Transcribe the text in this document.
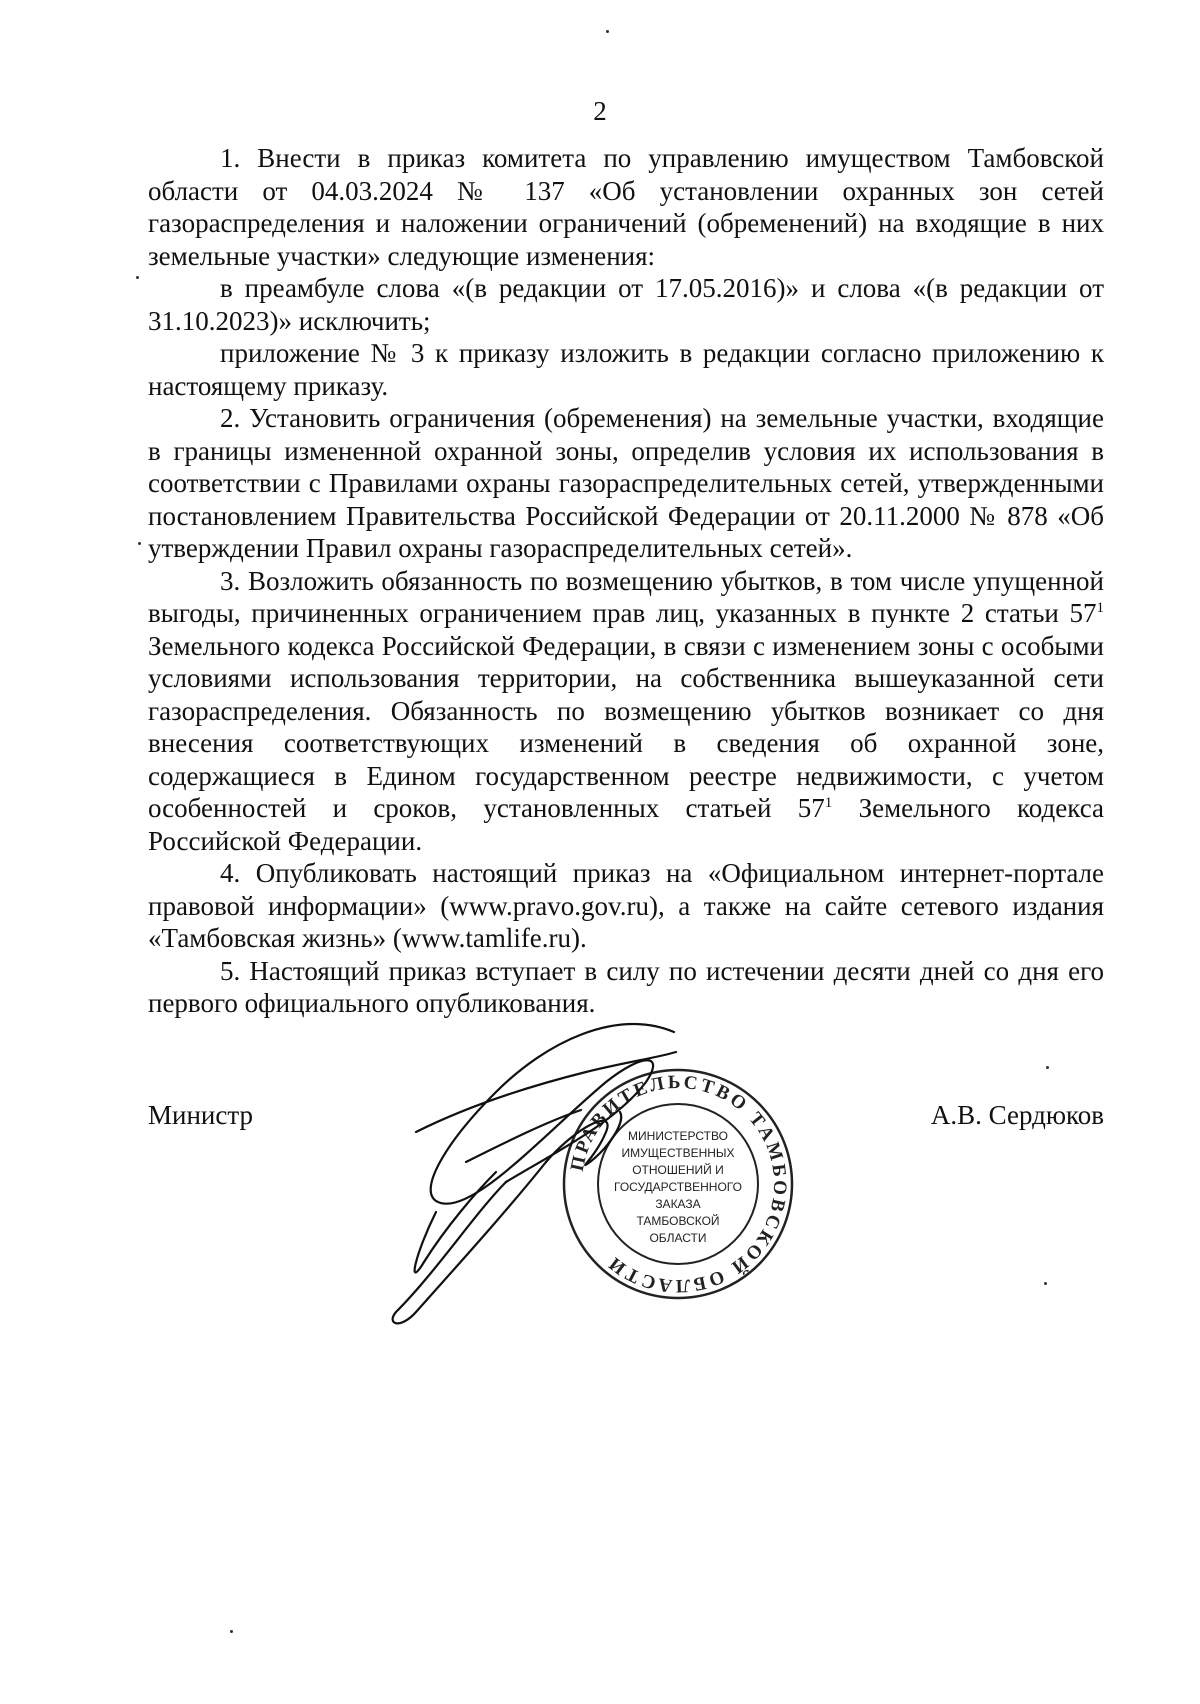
2

1. Внести в приказ комитета по управлению имуществом Тамбовской области от 04.03.2024 № 137 «Об установлении охранных зон сетей газораспределения и наложении ограничений (обременений) на входящие в них земельные участки» следующие изменения:

в преамбуле слова «(в редакции от 17.05.2016)» и слова «(в редакции от 31.10.2023)» исключить;

приложение № 3 к приказу изложить в редакции согласно приложению к настоящему приказу.

2. Установить ограничения (обременения) на земельные участки, входящие в границы измененной охранной зоны, определив условия их использования в соответствии с Правилами охраны газораспределительных сетей, утвержденными постановлением Правительства Российской Федерации от 20.11.2000 № 878 «Об утверждении Правил охраны газораспределительных сетей».

3. Возложить обязанность по возмещению убытков, в том числе упущенной выгоды, причиненных ограничением прав лиц, указанных в пункте 2 статьи $57^1$ Земельного кодекса Российской Федерации, в связи с изменением зоны с особыми условиями использования территории, на собственника вышеуказанной сети газораспределения. Обязанность по возмещению убытков возникает со дня внесения соответствующих изменений в сведения об охранной зоне, содержащиеся в Едином государственном реестре недвижимости, с учетом особенностей и сроков, установленных статьей $57^1$ Земельного кодекса Российской Федерации.

4. Опубликовать настоящий приказ на «Официальном интернет-портале правовой информации» (www.pravo.gov.ru), а также на сайте сетевого издания «Тамбовская жизнь» (www.tamlife.ru).

5. Настоящий приказ вступает в силу по истечении десяти дней со дня его первого официального опубликования.

Министр	А.В. Сердюков
ПРАВИТЕЛЬСТВО ТАМБОВСКОЙ ОБЛАСТИ
МИНИСТЕРСТВО
ИМУЩЕСТВЕННЫХ
ОТНОШЕНИЙ И
ГОСУДАРСТВЕННОГО
ЗАКАЗА
ТАМБОВСКОЙ
ОБЛАСТИ
